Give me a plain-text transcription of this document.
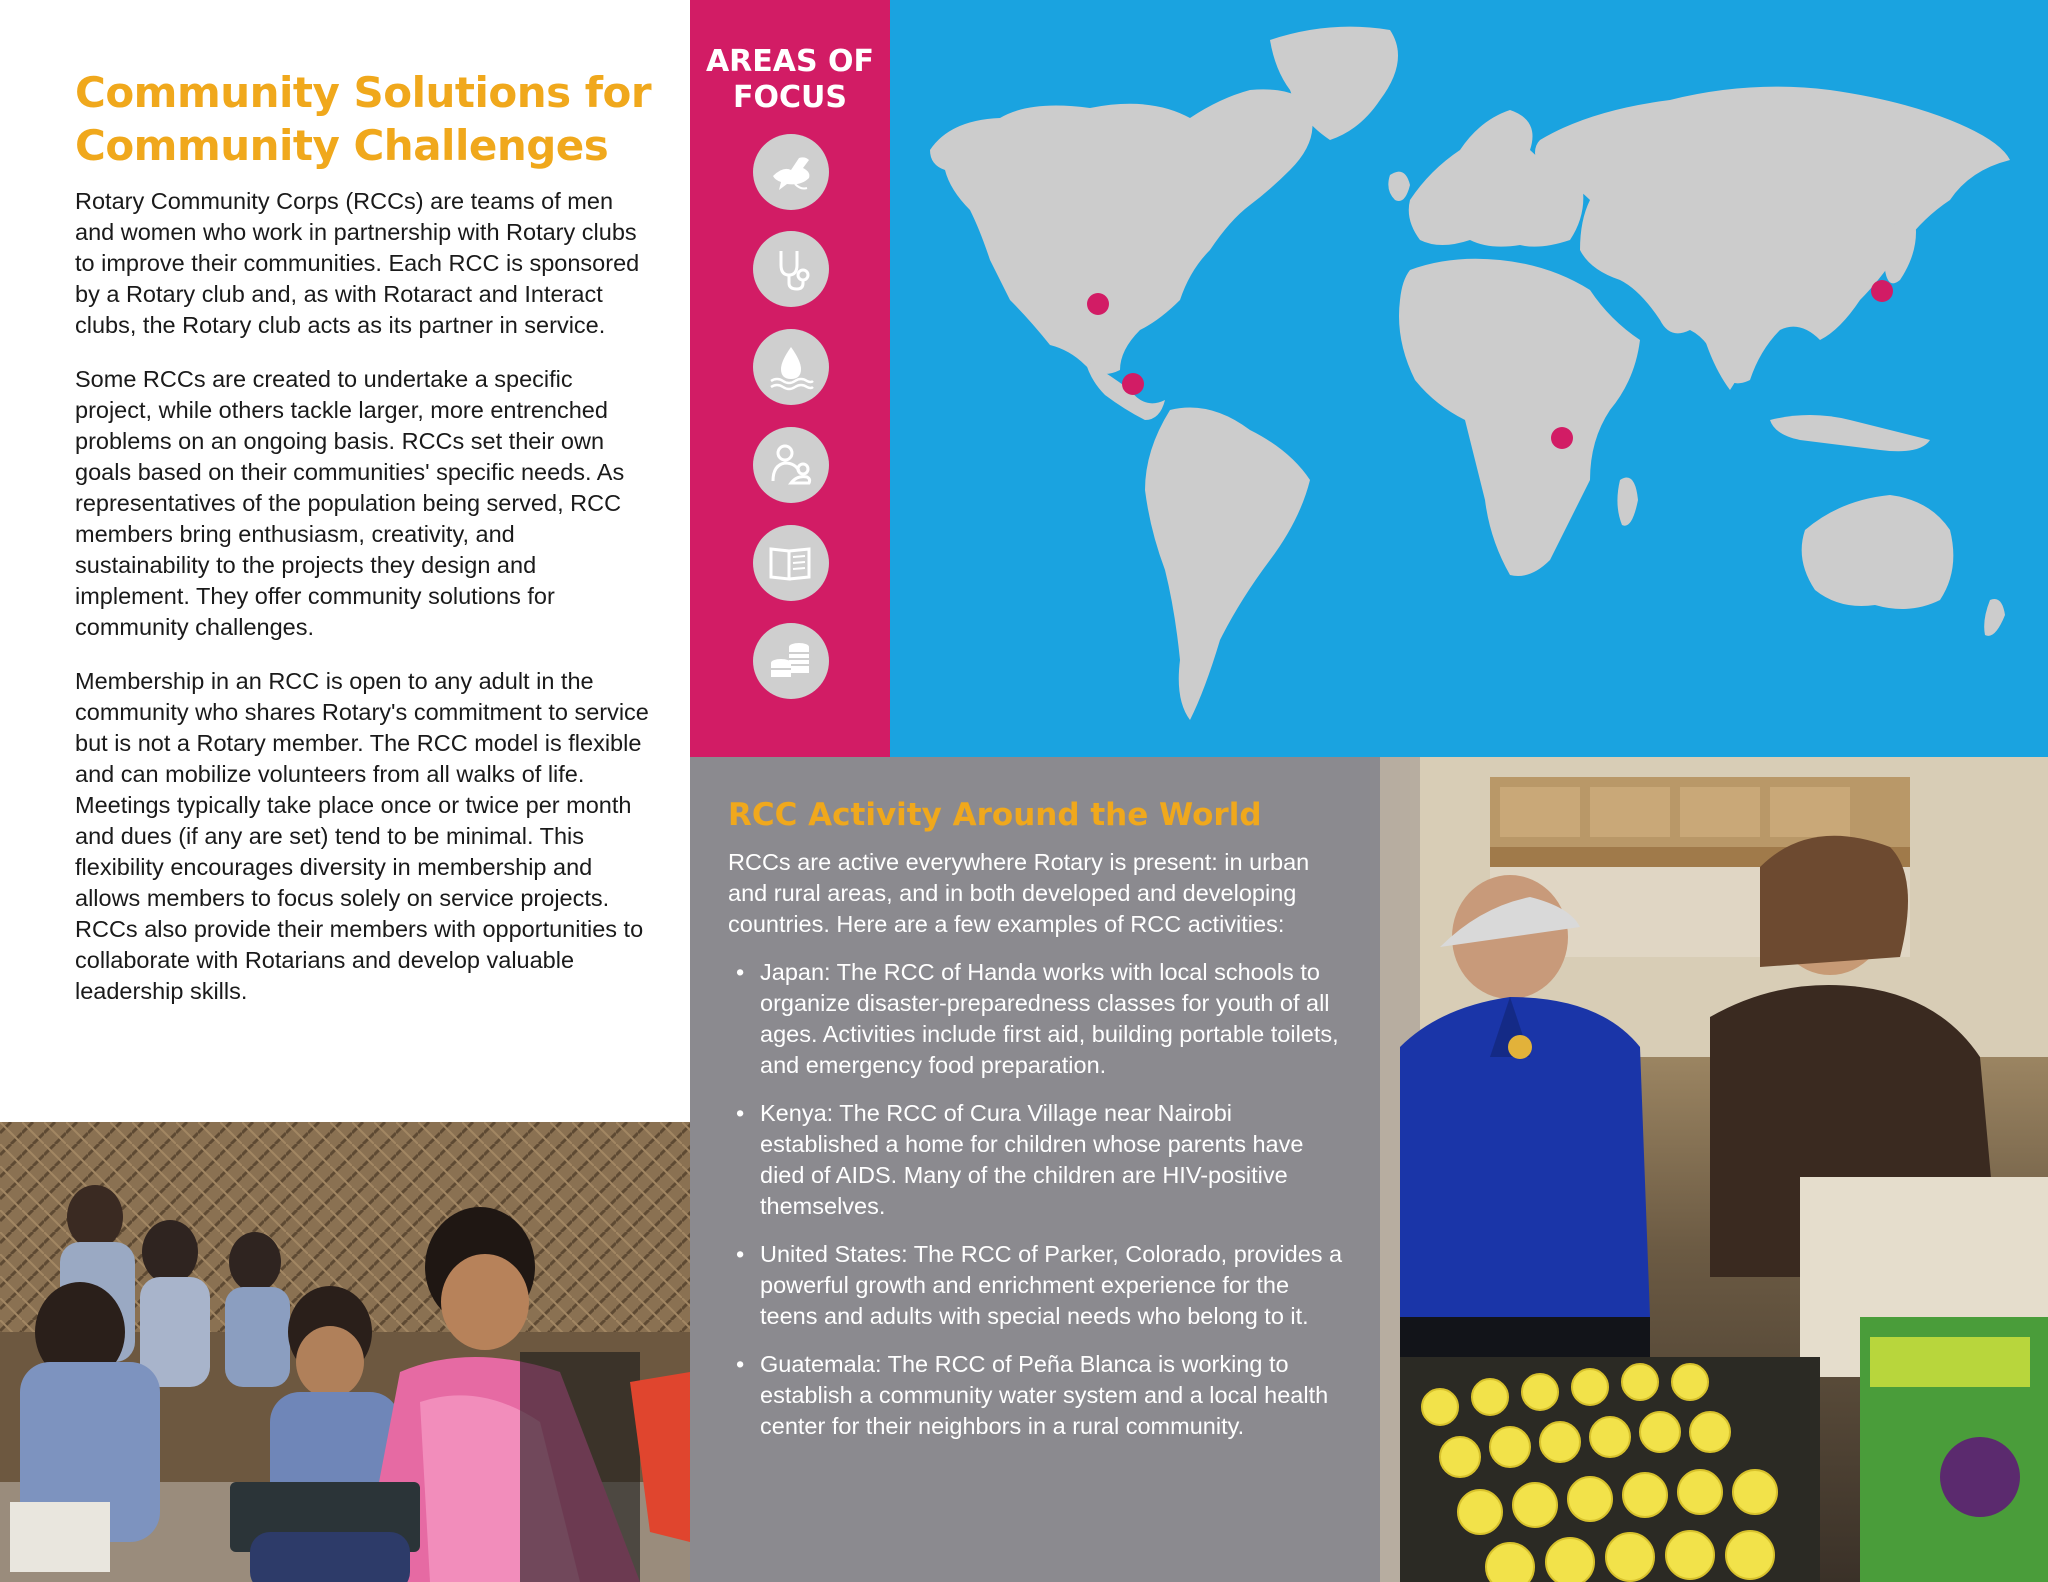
Community Solutions for
Community Challenges

Rotary Community Corps (RCCs) are teams of men and women who work in partnership with Rotary clubs to improve their communities. Each RCC is sponsored by a Rotary club and, as with Rotaract and Interact clubs, the Rotary club acts as its partner in service.

Some RCCs are created to undertake a specific project, while others tackle larger, more entrenched problems on an ongoing basis. RCCs set their own goals based on their communities' specific needs. As representatives of the population being served, RCC members bring enthusiasm, creativity, and sustainability to the projects they design and implement. They offer community solutions for community challenges.

Membership in an RCC is open to any adult in the community who shares Rotary's commitment to service but is not a Rotary member. The RCC model is flexible and can mobilize volunteers from all walks of life. Meetings typically take place once or twice per month and dues (if any are set) tend to be minimal. This flexibility encourages diversity in membership and allows members to focus solely on service projects. RCCs also provide their members with opportunities to collaborate with Rotarians and develop valuable leadership skills.

AREAS OF
FOCUS
RCC Activity Around the World
RCCs are active everywhere Rotary is present: in urban and rural areas, and in both developed and developing countries. Here are a few examples of RCC activities:
• Japan: The RCC of Handa works with local schools to organize disaster-preparedness classes for youth of all ages. Activities include first aid, building portable toilets, and emergency food preparation.
• Kenya: The RCC of Cura Village near Nairobi established a home for children whose parents have died of AIDS. Many of the children are HIV-positive themselves.
• United States: The RCC of Parker, Colorado, provides a powerful growth and enrichment experience for the teens and adults with special needs who belong to it.
• Guatemala: The RCC of Peña Blanca is working to establish a community water system and a local health center for their neighbors in a rural community.
